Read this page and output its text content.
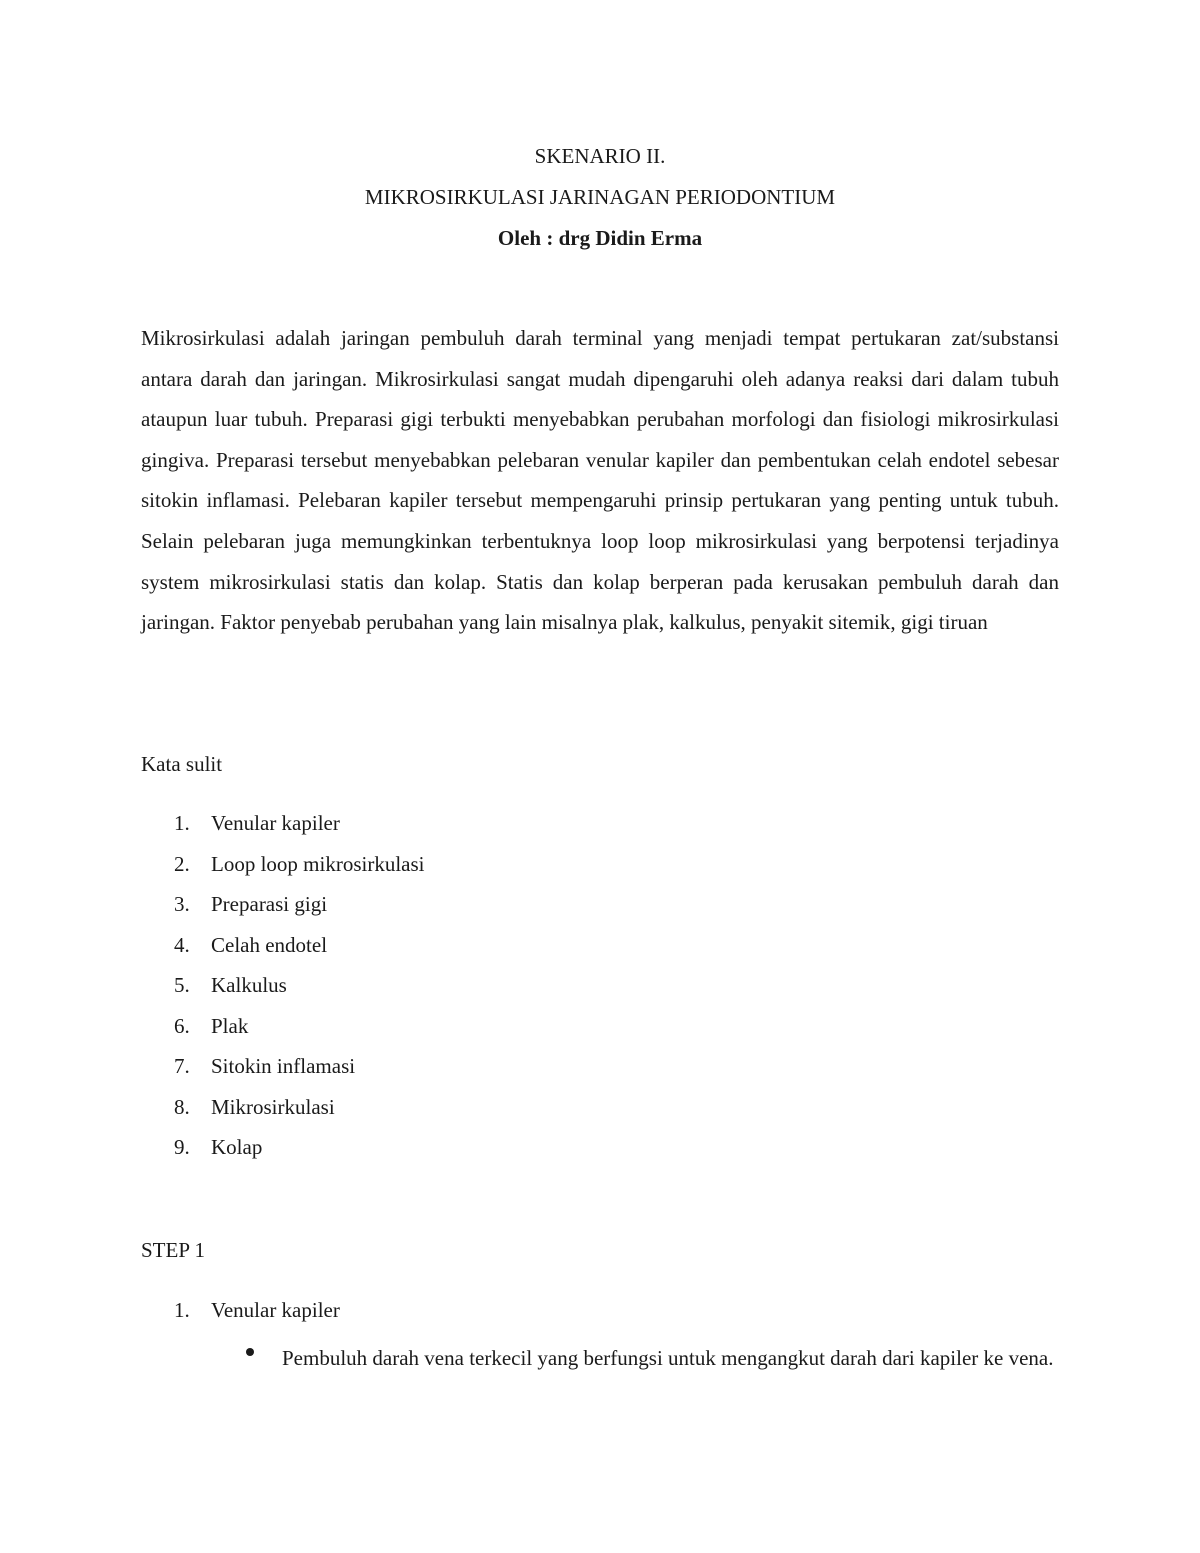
SKENARIO II.

MIKROSIRKULASI JARINAGAN PERIODONTIUM

Oleh : drg Didin Erma

Mikrosirkulasi adalah jaringan pembuluh darah terminal yang menjadi tempat pertukaran zat/substansi antara darah dan jaringan. Mikrosirkulasi sangat mudah dipengaruhi oleh adanya reaksi dari dalam tubuh ataupun luar tubuh. Preparasi gigi terbukti menyebabkan perubahan morfologi dan fisiologi mikrosirkulasi gingiva. Preparasi tersebut menyebabkan pelebaran venular kapiler dan pembentukan celah endotel sebesar sitokin inflamasi. Pelebaran kapiler tersebut mempengaruhi prinsip pertukaran yang penting untuk tubuh. Selain pelebaran juga memungkinkan terbentuknya loop loop mikrosirkulasi yang berpotensi terjadinya system mikrosirkulasi statis dan kolap. Statis dan kolap berperan pada kerusakan pembuluh darah dan jaringan. Faktor penyebab perubahan yang lain misalnya plak, kalkulus, penyakit sitemik, gigi tiruan

Kata sulit

1. Venular kapiler
2. Loop loop mikrosirkulasi
3. Preparasi gigi
4. Celah endotel
5. Kalkulus
6. Plak
7. Sitokin inflamasi
8. Mikrosirkulasi
9. Kolap

STEP 1

1. Venular kapiler

Pembuluh darah vena terkecil yang berfungsi untuk mengangkut darah dari kapiler ke vena.
